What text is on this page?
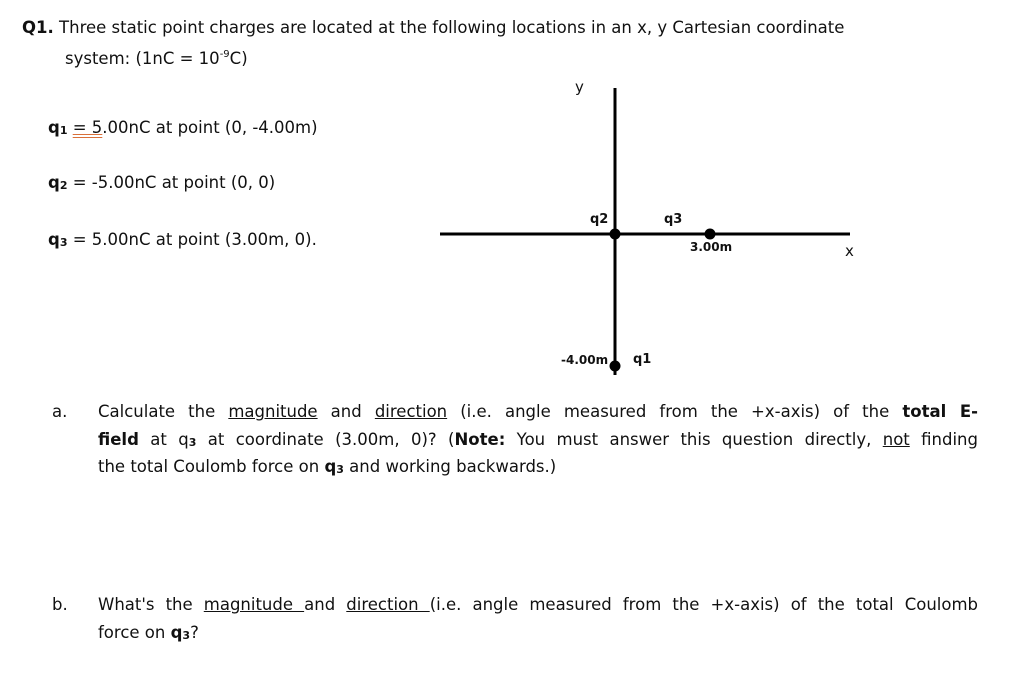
Q1. Three static point charges are located at the following locations in an x, y Cartesian coordinate
system: $(1nC = 10^{-9}C)$
q1 = 5.00nC at point (0, -4.00m)
q2 = -5.00nC at point (0, 0)
q3 = 5.00nC at point (3.00m, 0).
y
x
q2	q3
3.00m
-4.00m q1
a. Calculate the magnitude and direction (i.e. angle measured from the +x-axis) of the total E-
field at q3 at coordinate (3.00m, 0)? (Note: You must answer this question directly, not finding
the total Coulomb force on q3 and working backwards.)
b. What's the magnitude and direction (i.e. angle measured from the +x-axis) of the total Coulomb
force on q3?
